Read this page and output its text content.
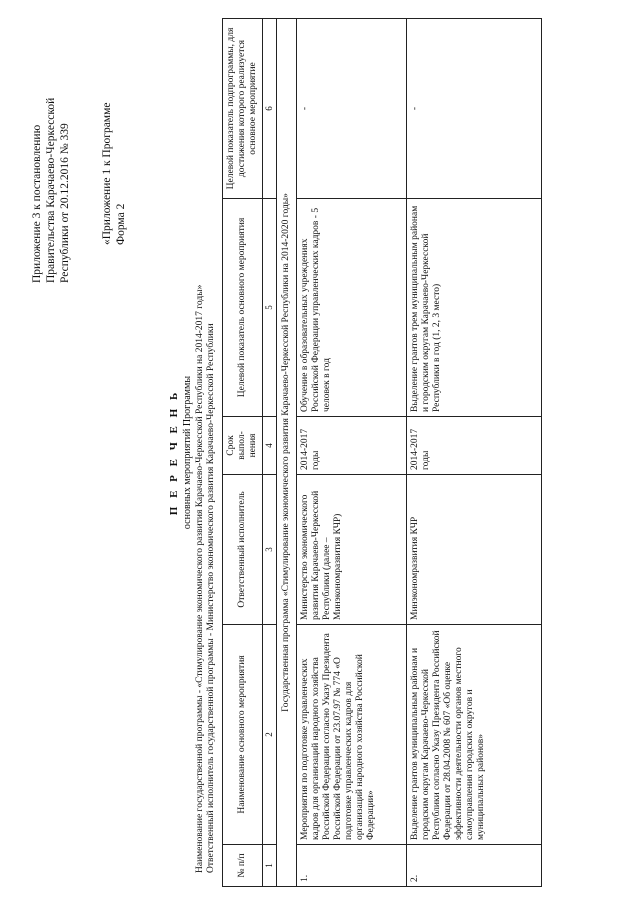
Приложение 3 к постановлению Правительства Карачаево-Черкесской Республики от 20.12.2016 № 339	«Приложение 1 к Программе Форма 2
П Е Р Е Ч Е Н Ь основных мероприятий Программы Наименование государственной программы - «Стимулирование экономического развития Карачаево-Черкесской Республики на 2014-2017 годы» Ответственный исполнитель государственной программы - Министерство экономического развития Карачаево-Черкесской Республики № п/п	Наименование основного мероприятия	Ответственный исполнитель	Срок выпол-нения	Целевой показатель основного мероприятия	Целевой показатель подпрограммы, для достижения которого реализуется основное мероприятие
1	2	3	4	5	6
Государственная программа «Стимулирование экономического развития Карачаево-Черкесской Республики на 2014-2020 годы»					
1.	Мероприятия по подготовке управленческих кадров для организаций народного хозяйства Российской Федерации согласно Указу Президента Российской Федерации от 23.07.97 № 774 «О подготовке управленческих кадров для организаций народного хозяйства Российской Федерации»	Министерство экономического развития Карачаево-Черкесской Республики (далее – Минэкономразвития КЧР)	2014-2017 годы	Обучение в образовательных учреждениях Российской Федерации управленческих кадров - 5 человек в год	-
2.	Выделение грантов муниципальным районам и городским округам Карачаево-Черкесской Республики согласно Указу Президента Российской Федерации от 28.04.2008 № 607 «Об оценке эффективности деятельности органов местного самоуправления городских округов и муниципальных районов»	Минэкономразвития КЧР	2014-2017 годы	Выделение грантов трем муниципальным районам и городским округам Карачаево-Черкесской Республики в год (1, 2, 3 место)	-
